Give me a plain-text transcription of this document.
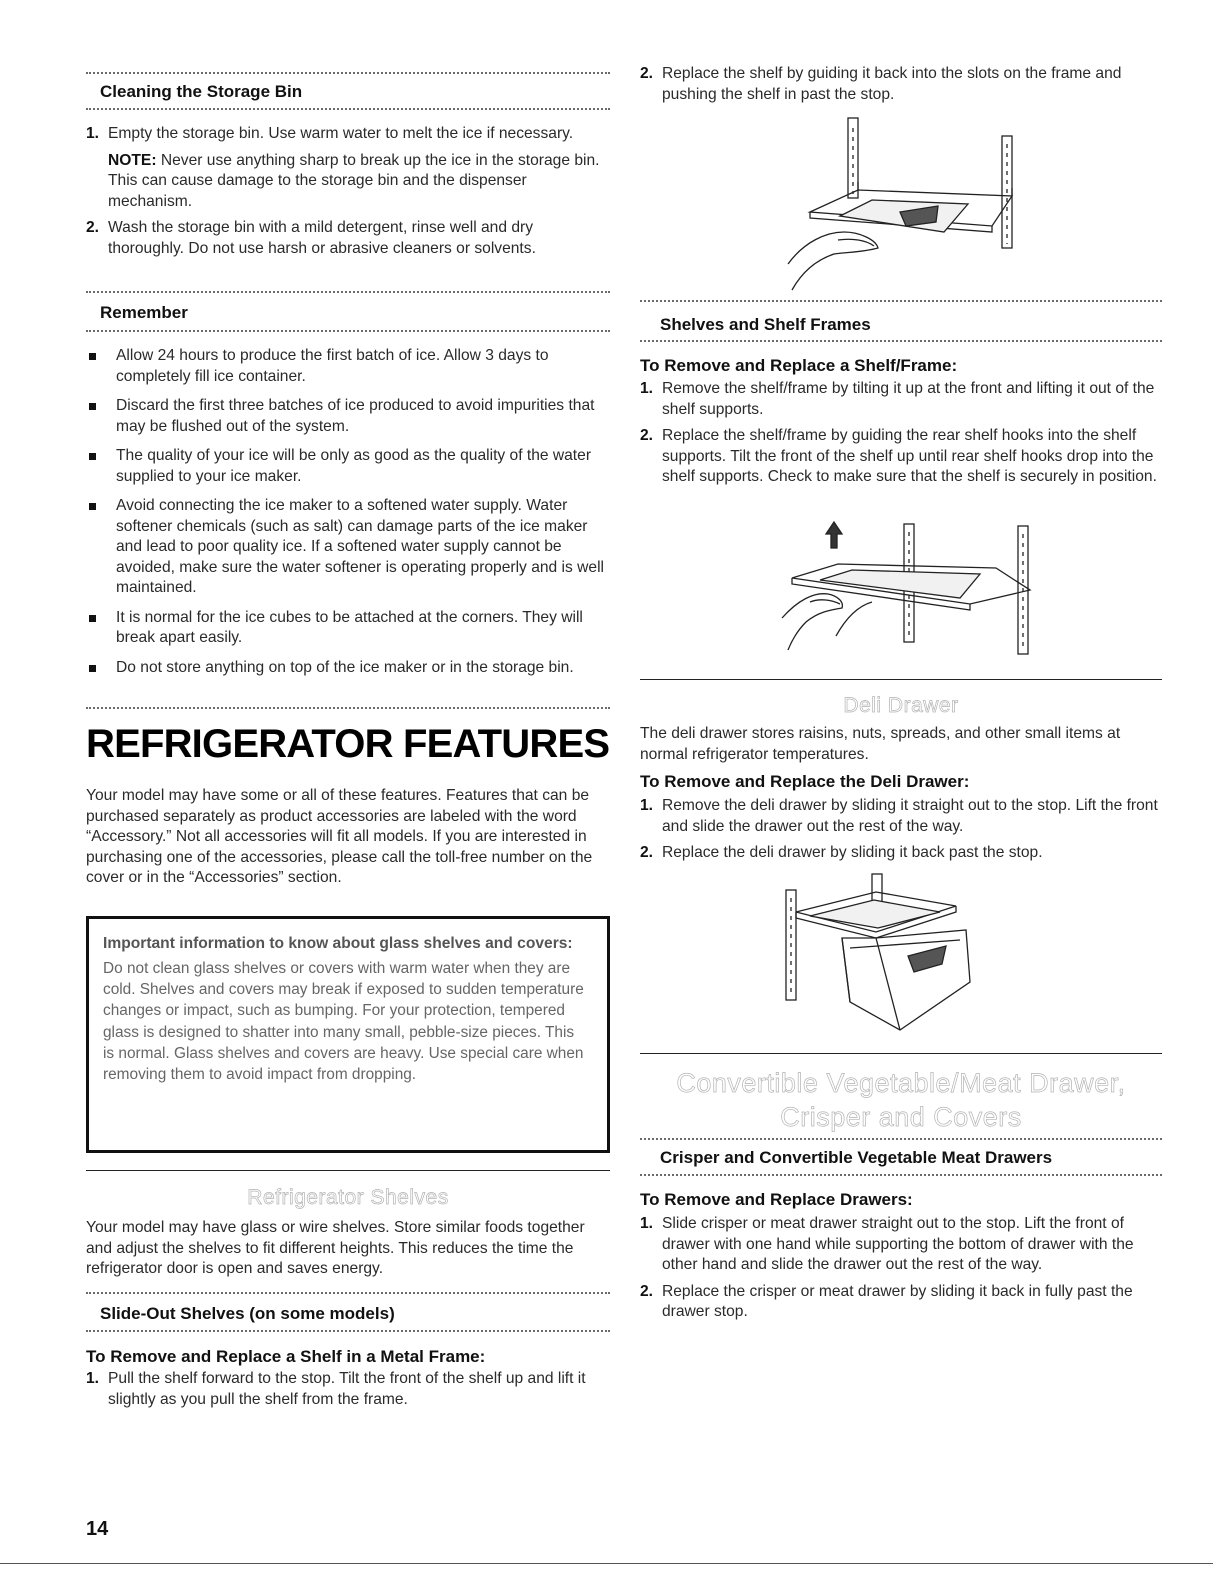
Cleaning the Storage Bin
1. Empty the storage bin. Use warm water to melt the ice if necessary.
NOTE: Never use anything sharp to break up the ice in the storage bin. This can cause damage to the storage bin and the dispenser mechanism.
2. Wash the storage bin with a mild detergent, rinse well and dry thoroughly. Do not use harsh or abrasive cleaners or solvents.
Remember
Allow 24 hours to produce the first batch of ice. Allow 3 days to completely fill ice container.
Discard the first three batches of ice produced to avoid impurities that may be flushed out of the system.
The quality of your ice will be only as good as the quality of the water supplied to your ice maker.
Avoid connecting the ice maker to a softened water supply. Water softener chemicals (such as salt) can damage parts of the ice maker and lead to poor quality ice. If a softened water supply cannot be avoided, make sure the water softener is operating properly and is well maintained.
It is normal for the ice cubes to be attached at the corners. They will break apart easily.
Do not store anything on top of the ice maker or in the storage bin.
REFRIGERATOR FEATURES

Your model may have some or all of these features. Features that can be purchased separately as product accessories are labeled with the word “Accessory.” Not all accessories will fit all models. If you are interested in purchasing one of the accessories, please call the toll-free number on the cover or in the “Accessories” section.

Important information to know about glass shelves and covers:
Do not clean glass shelves or covers with warm water when they are cold. Shelves and covers may break if exposed to sudden temperature changes or impact, such as bumping. For your protection, tempered glass is designed to shatter into many small, pebble-size pieces. This is normal. Glass shelves and covers are heavy. Use special care when removing them to avoid impact from dropping.
Refrigerator Shelves

Your model may have glass or wire shelves. Store similar foods together and adjust the shelves to fit different heights. This reduces the time the refrigerator door is open and saves energy.

Slide-Out Shelves (on some models)
To Remove and Replace a Shelf in a Metal Frame:
1. Pull the shelf forward to the stop. Tilt the front of the shelf up and lift it slightly as you pull the shelf from the frame.
2. Replace the shelf by guiding it back into the slots on the frame and pushing the shelf in past the stop.
Shelves and Shelf Frames
To Remove and Replace a Shelf/Frame:
1. Remove the shelf/frame by tilting it up at the front and lifting it out of the shelf supports.
2. Replace the shelf/frame by guiding the rear shelf hooks into the shelf supports. Tilt the front of the shelf up until rear shelf hooks drop into the shelf supports. Check to make sure that the shelf is securely in position.
Deli Drawer

The deli drawer stores raisins, nuts, spreads, and other small items at normal refrigerator temperatures.

To Remove and Replace the Deli Drawer:
1. Remove the deli drawer by sliding it straight out to the stop. Lift the front and slide the drawer out the rest of the way.
2. Replace the deli drawer by sliding it back past the stop.
Convertible Vegetable/Meat Drawer,
Crisper and Covers
Crisper and Convertible Vegetable Meat Drawers
To Remove and Replace Drawers:
1. Slide crisper or meat drawer straight out to the stop. Lift the front of drawer with one hand while supporting the bottom of drawer with the other hand and slide the drawer out the rest of the way.
2. Replace the crisper or meat drawer by sliding it back in fully past the drawer stop.
14
